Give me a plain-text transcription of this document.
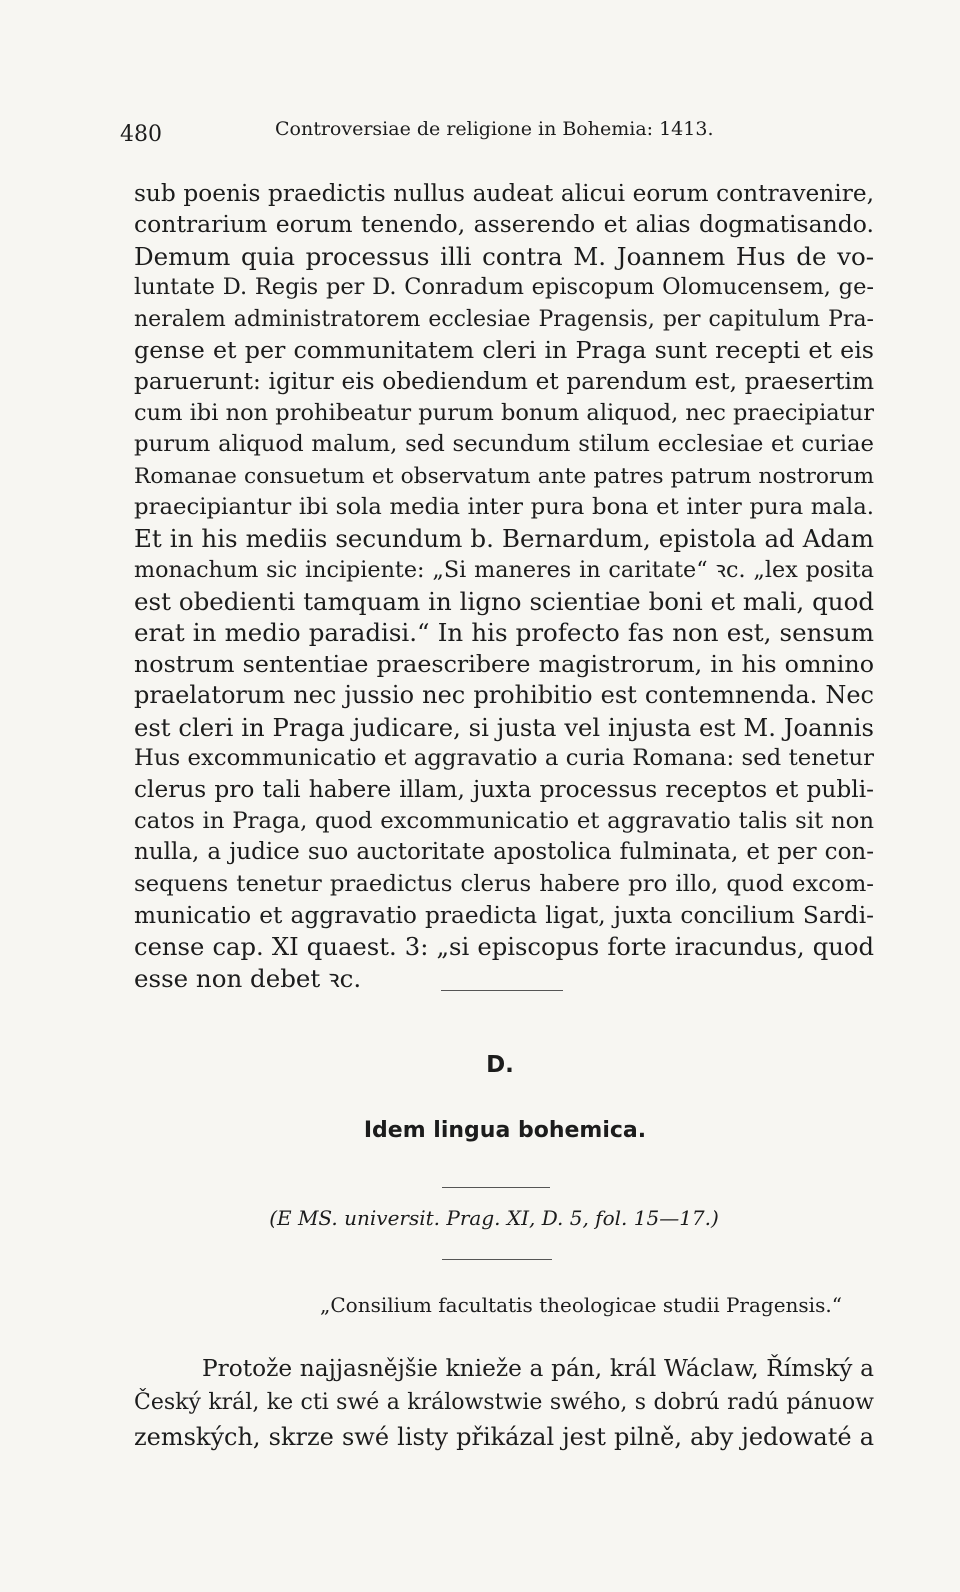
480	Controversiae de religione in Bohemia: 1413.
sub poenis praedictis nullus audeat alicui eorum contravenire,
contrarium eorum tenendo, asserendo et alias dogmatisando.
Demum quia processus illi contra M. Joannem Hus de vo-
luntate D. Regis per D. Conradum episcopum Olomucensem, ge-
neralem administratorem ecclesiae Pragensis, per capitulum Pra-
gense et per communitatem cleri in Praga sunt recepti et eis
paruerunt: igitur eis obediendum et parendum est, praesertim
cum ibi non prohibeatur purum bonum aliquod, nec praecipiatur
purum aliquod malum, sed secundum stilum ecclesiae et curiae
Romanae consuetum et observatum ante patres patrum nostrorum
praecipiantur ibi sola media inter pura bona et inter pura mala.
Et in his mediis secundum b. Bernardum, epistola ad Adam
monachum sic incipiente: „Si maneres in caritate“ ꝛc. „lex posita
est obedienti tamquam in ligno scientiae boni et mali, quod
erat in medio paradisi.“ In his profecto fas non est, sensum
nostrum sententiae praescribere magistrorum, in his omnino
praelatorum nec jussio nec prohibitio est contemnenda. Nec
est cleri in Praga judicare, si justa vel injusta est M. Joannis
Hus excommunicatio et aggravatio a curia Romana: sed tenetur
clerus pro tali habere illam, juxta processus receptos et publi-
catos in Praga, quod excommunicatio et aggravatio talis sit non
nulla, a judice suo auctoritate apostolica fulminata, et per con-
sequens tenetur praedictus clerus habere pro illo, quod excom-
municatio et aggravatio praedicta ligat, juxta concilium Sardi-
cense cap. XI quaest. 3: „si episcopus forte iracundus, quod
esse non debet ꝛc.
D.
Idem lingua bohemica.
(E MS. universit. Prag. XI, D. 5, fol. 15—17.)
„Consilium facultatis theologicae studii Pragensis.“
Protože najjasnějšie knieže a pán, král Wáclaw, Římský a
Český král, ke cti swé a králowstwie swého, s dobrú radú pánuow
zemských, skrze swé listy přikázal jest pilně, aby jedowaté a
